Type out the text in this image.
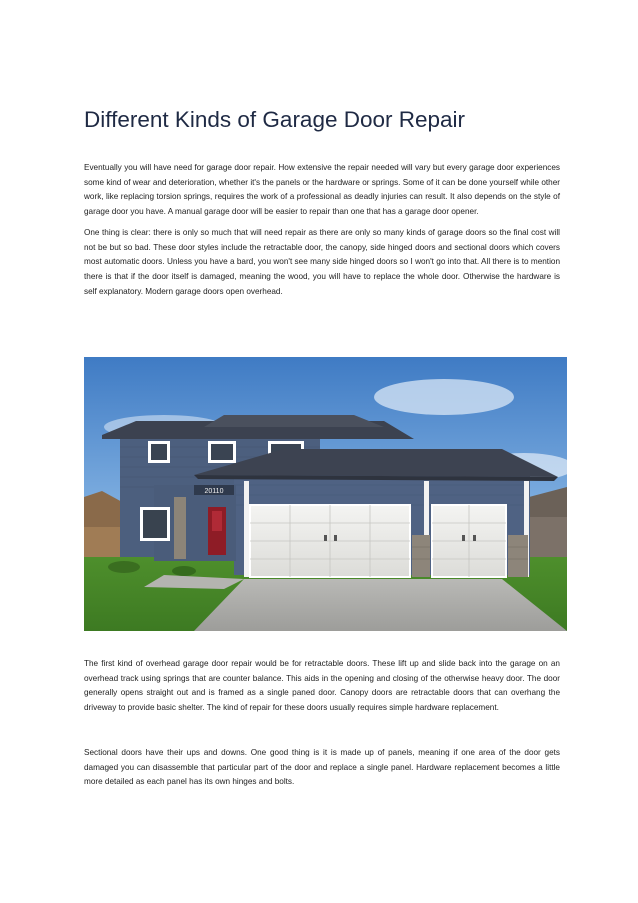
Different Kinds of Garage Door Repair

Eventually you will have need for garage door repair. How extensive the repair needed will vary but every garage door experiences some kind of wear and deterioration, whether it's the panels or the hardware or springs. Some of it can be done yourself while other work, like replacing torsion springs, requires the work of a professional as deadly injuries can result. It also depends on the style of garage door you have. A manual garage door will be easier to repair than one that has a garage door opener.

One thing is clear: there is only so much that will need repair as there are only so many kinds of garage doors so the final cost will not be but so bad. These door styles include the retractable door, the canopy, side hinged doors and sectional doors which covers most automatic doors. Unless you have a bard, you won't see many side hinged doors so I won't go into that. All there is to mention there is that if the door itself is damaged, meaning the wood, you will have to replace the whole door. Otherwise the hardware is self explanatory. Modern garage doors open overhead.

20110

The first kind of overhead garage door repair would be for retractable doors. These lift up and slide back into the garage on an overhead track using springs that are counter balance. This aids in the opening and closing of the otherwise heavy door. The door generally opens straight out and is framed as a single paned door. Canopy doors are retractable doors that can overhang the driveway to provide basic shelter. The kind of repair for these doors usually requires simple hardware replacement.

Sectional doors have their ups and downs. One good thing is it is made up of panels, meaning if one area of the door gets damaged you can disassemble that particular part of the door and replace a single panel. Hardware replacement becomes a little more detailed as each panel has its own hinges and bolts.
